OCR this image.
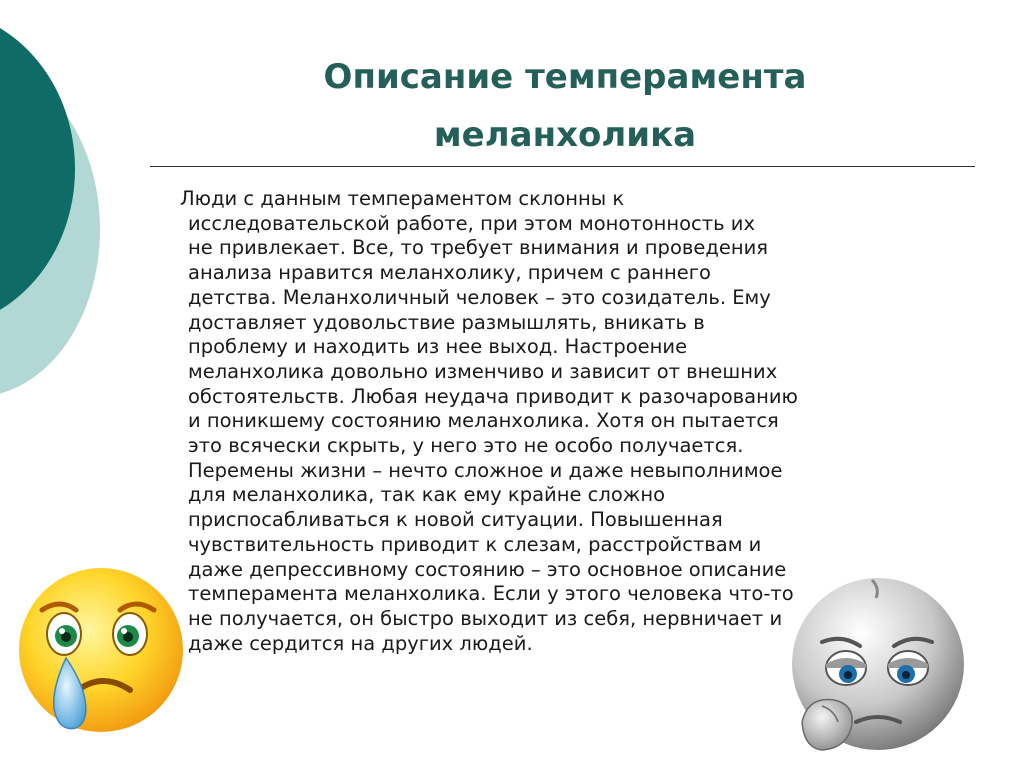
Описание темперамента
меланхолика
Люди с данным темпераментом склонны к
исследовательской работе, при этом монотонность их
не привлекает. Все, то требует внимания и проведения
анализа нравится меланхолику, причем с раннего
детства. Меланхоличный человек – это созидатель. Ему
доставляет удовольствие размышлять, вникать в
проблему и находить из нее выход. Настроение
меланхолика довольно изменчиво и зависит от внешних
обстоятельств. Любая неудача приводит к разочарованию
и поникшему состоянию меланхолика. Хотя он пытается
это всячески скрыть, у него это не особо получается.
Перемены жизни – нечто сложное и даже невыполнимое
для меланхолика, так как ему крайне сложно
приспосабливаться к новой ситуации. Повышенная
чувствительность приводит к слезам, расстройствам и
даже депрессивному состоянию – это основное описание
темперамента меланхолика. Если у этого человека что-то
не получается, он быстро выходит из себя, нервничает и
даже сердится на других людей.
